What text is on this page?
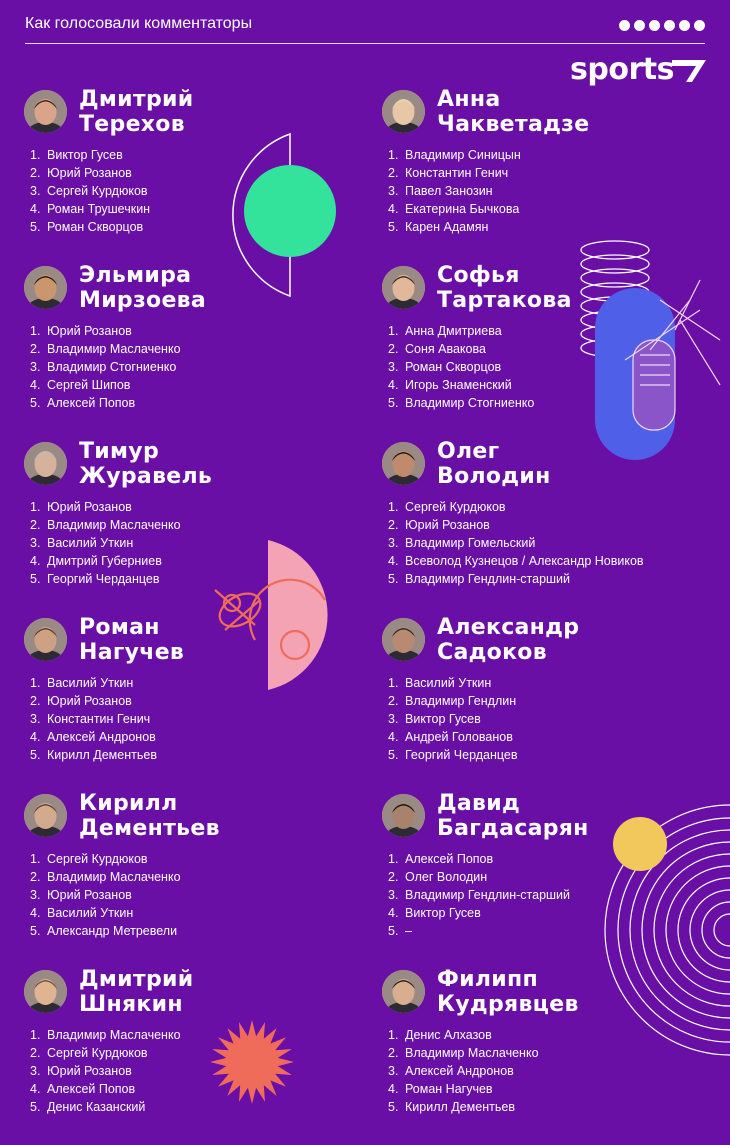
Как голосовали комментаторы
sports
Дмитрий
Терехов
1. Виктор Гусев
2. Юрий Розанов
3. Сергей Курдюков
4. Роман Трушечкин
5. Роман Скворцов
Анна
Чакветадзе
1. Владимир Синицын
2. Константин Генич
3. Павел Занозин
4. Екатерина Бычкова
5. Карен Адамян
Эльмира
Мирзоева
1. Юрий Розанов
2. Владимир Маслаченко
3. Владимир Стогниенко
4. Сергей Шипов
5. Алексей Попов
Софья
Тартакова
1. Анна Дмитриева
2. Соня Авакова
3. Роман Скворцов
4. Игорь Знаменский
5. Владимир Стогниенко
Тимур
Журавель
1. Юрий Розанов
2. Владимир Маслаченко
3. Василий Уткин
4. Дмитрий Губерниев
5. Георгий Черданцев
Олег
Володин
1. Сергей Курдюков
2. Юрий Розанов
3. Владимир Гомельский
4. Всеволод Кузнецов / Александр Новиков
5. Владимир Гендлин-старший
Роман
Нагучев
1. Василий Уткин
2. Юрий Розанов
3. Константин Генич
4. Алексей Андронов
5. Кирилл Дементьев
Александр
Садоков
1. Василий Уткин
2. Владимир Гендлин
3. Виктор Гусев
4. Андрей Голованов
5. Георгий Черданцев
Кирилл
Дементьев
1. Сергей Курдюков
2. Владимир Маслаченко
3. Юрий Розанов
4. Василий Уткин
5. Александр Метревели
Давид
Багдасарян
1. Алексей Попов
2. Олег Володин
3. Владимир Гендлин-старший
4. Виктор Гусев
5. –
Дмитрий
Шнякин
1. Владимир Маслаченко
2. Сергей Курдюков
3. Юрий Розанов
4. Алексей Попов
5. Денис Казанский
Филипп
Кудрявцев
1. Денис Алхазов
2. Владимир Маслаченко
3. Алексей Андронов
4. Роман Нагучев
5. Кирилл Дементьев
